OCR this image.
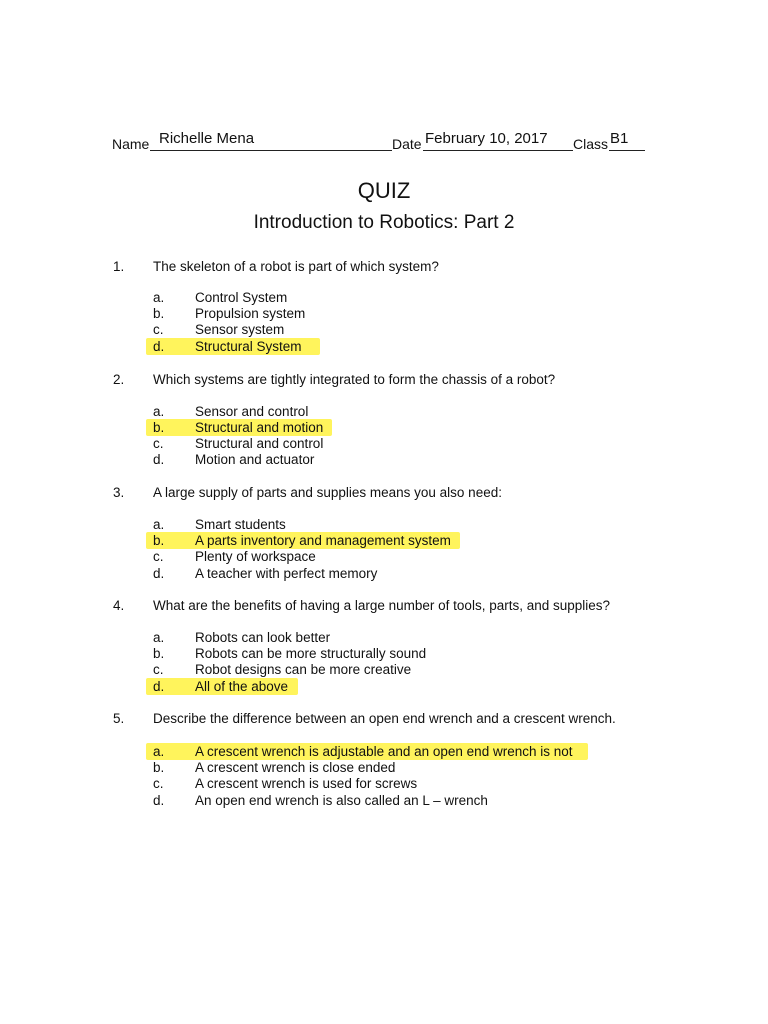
Name Richelle Mena	Date February 10, 2017 Class B1
QUIZ
Introduction to Robotics: Part 2
1. The skeleton of a robot is part of which system?
a. Control System
b. Propulsion system
c. Sensor system
d. Structural System
2. Which systems are tightly integrated to form the chassis of a robot?
a. Sensor and control
b. Structural and motion
c. Structural and control
d. Motion and actuator
3. A large supply of parts and supplies means you also need:
a. Smart students
b. A parts inventory and management system
c. Plenty of workspace
d. A teacher with perfect memory
4. What are the benefits of having a large number of tools, parts, and supplies?
a. Robots can look better
b. Robots can be more structurally sound
c. Robot designs can be more creative
d. All of the above
5. Describe the difference between an open end wrench and a crescent wrench.
a. A crescent wrench is adjustable and an open end wrench is not
b. A crescent wrench is close ended
c. A crescent wrench is used for screws
d. An open end wrench is also called an L – wrench
